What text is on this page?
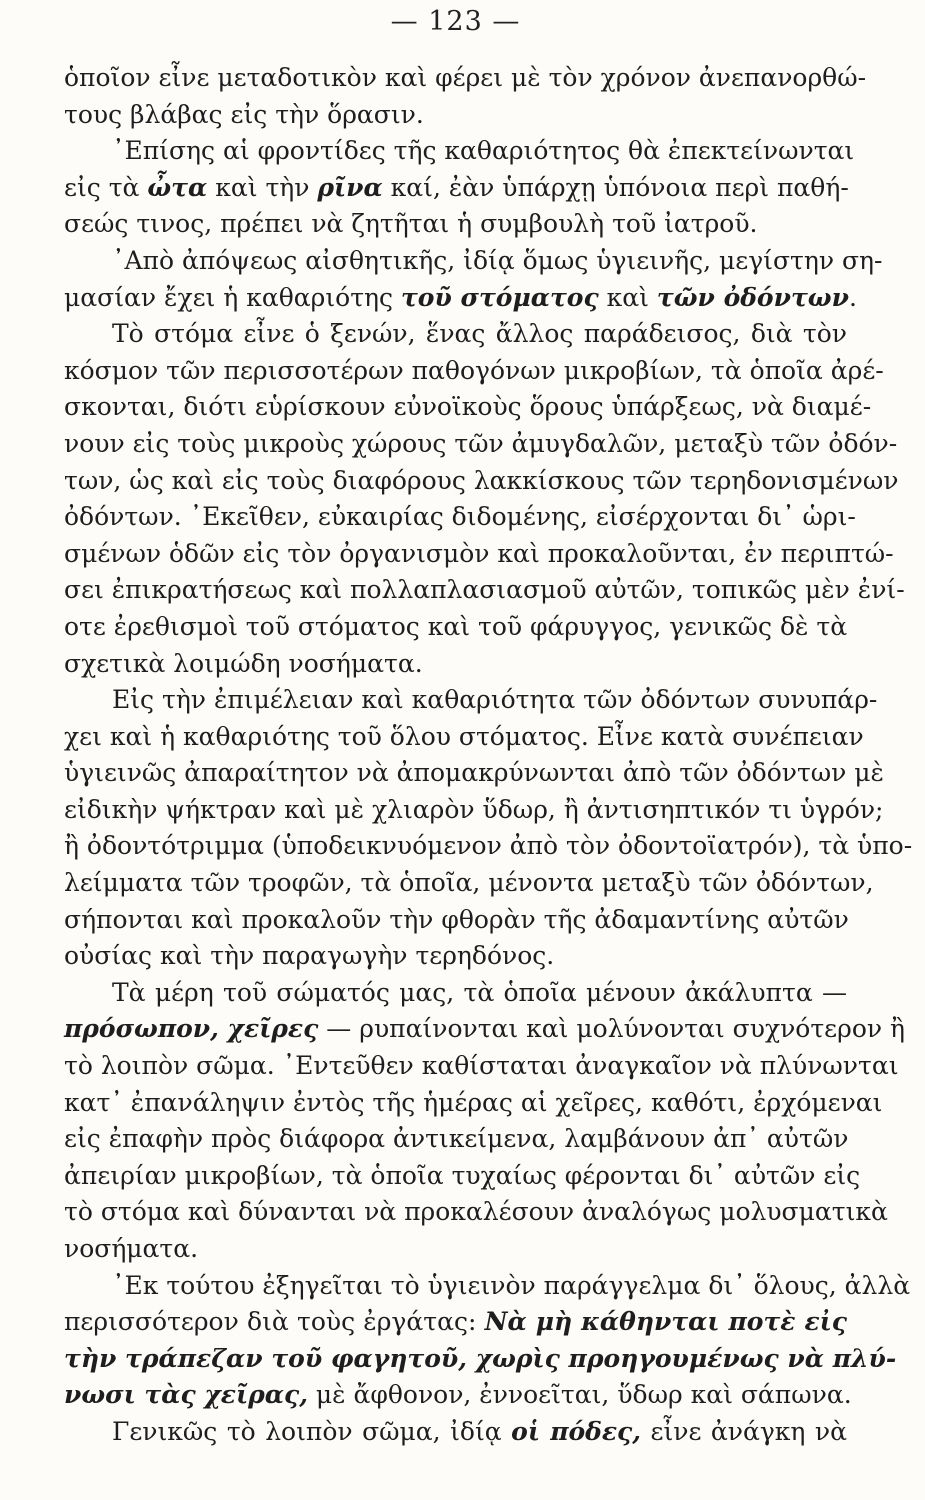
— 123 —
ὁποῖον εἶνε μεταδοτικὸν καὶ φέρει μὲ τὸν χρόνον ἀνεπανορθώ-
τους βλάβας εἰς τὴν ὅρασιν.
᾿Επίσης αἱ φροντίδες τῆς καθαριότητος θὰ ἐπεκτείνωνται
εἰς τὰ ὦτα καὶ τὴν ρῖνα καί, ἐὰν ὑπάρχῃ ὑπόνοια περὶ παθή-
σεώς τινος, πρέπει νὰ ζητῆται ἡ συμβουλὴ τοῦ ἰατροῦ.
᾿Απὸ ἀπόψεως αἰσθητικῆς, ἰδίᾳ ὅμως ὑγιεινῆς, μεγίστην ση-
μασίαν ἔχει ἡ καθαριότης τοῦ στόματος καὶ τῶν ὀδόντων.
Τὸ στόμα εἶνε ὁ ξενών, ἕνας ἄλλος παράδεισος, διὰ τὸν
κόσμον τῶν περισσοτέρων παθογόνων μικροβίων, τὰ ὁποῖα ἀρέ-
σκονται, διότι εὑρίσκουν εὐνοϊκοὺς ὅρους ὑπάρξεως, νὰ διαμέ-
νουν εἰς τοὺς μικροὺς χώρους τῶν ἀμυγδαλῶν, μεταξὺ τῶν ὀδόν-
των, ὡς καὶ εἰς τοὺς διαφόρους λακκίσκους τῶν τερηδονισμένων
ὀδόντων. ᾿Εκεῖθεν, εὐκαιρίας διδομένης, εἰσέρχονται δι᾿ ὡρι-
σμένων ὁδῶν εἰς τὸν ὀργανισμὸν καὶ προκαλοῦνται, ἐν περιπτώ-
σει ἐπικρατήσεως καὶ πολλαπλασιασμοῦ αὐτῶν, τοπικῶς μὲν ἐνί-
οτε ἐρεθισμοὶ τοῦ στόματος καὶ τοῦ φάρυγγος, γενικῶς δὲ τὰ
σχετικὰ λοιμώδη νοσήματα.
Εἰς τὴν ἐπιμέλειαν καὶ καθαριότητα τῶν ὀδόντων συνυπάρ-
χει καὶ ἡ καθαριότης τοῦ ὅλου στόματος. Εἶνε κατὰ συνέπειαν
ὑγιεινῶς ἀπαραίτητον νὰ ἀπομακρύνωνται ἀπὸ τῶν ὀδόντων μὲ
εἰδικὴν ψήκτραν καὶ μὲ χλιαρὸν ὕδωρ, ἢ ἀντισηπτικόν τι ὑγρόν;
ἢ ὀδοντότριμμα (ὑποδεικνυόμενον ἀπὸ τὸν ὀδοντοϊατρόν), τὰ ὑπο-
λείμματα τῶν τροφῶν, τὰ ὁποῖα, μένοντα μεταξὺ τῶν ὀδόντων,
σήπονται καὶ προκαλοῦν τὴν φθορὰν τῆς ἀδαμαντίνης αὐτῶν
οὐσίας καὶ τὴν παραγωγὴν τερηδόνος.
Τὰ μέρη τοῦ σώματός μας, τὰ ὁποῖα μένουν ἀκάλυπτα —
πρόσωπον, χεῖρες — ρυπαίνονται καὶ μολύνονται συχνότερον ἢ
τὸ λοιπὸν σῶμα. ᾿Εντεῦθεν καθίσταται ἀναγκαῖον νὰ πλύνωνται
κατ᾿ ἐπανάληψιν ἐντὸς τῆς ἡμέρας αἱ χεῖρες, καθότι, ἐρχόμεναι
εἰς ἐπαφὴν πρὸς διάφορα ἀντικείμενα, λαμβάνουν ἀπ᾿ αὐτῶν
ἀπειρίαν μικροβίων, τὰ ὁποῖα τυχαίως φέρονται δι᾿ αὐτῶν εἰς
τὸ στόμα καὶ δύνανται νὰ προκαλέσουν ἀναλόγως μολυσματικὰ
νοσήματα.
᾿Εκ τούτου ἐξηγεῖται τὸ ὑγιεινὸν παράγγελμα δι᾿ ὅλους, ἀλλὰ
περισσότερον διὰ τοὺς ἐργάτας: Νὰ μὴ κάθηνται ποτὲ εἰς
τὴν τράπεζαν τοῦ φαγητοῦ, χωρὶς προηγουμένως νὰ πλύ-
νωσι τὰς χεῖρας, μὲ ἄφθονον, ἐννοεῖται, ὕδωρ καὶ σάπωνα.
Γενικῶς τὸ λοιπὸν σῶμα, ἰδίᾳ οἱ πόδες, εἶνε ἀνάγκη νὰ
